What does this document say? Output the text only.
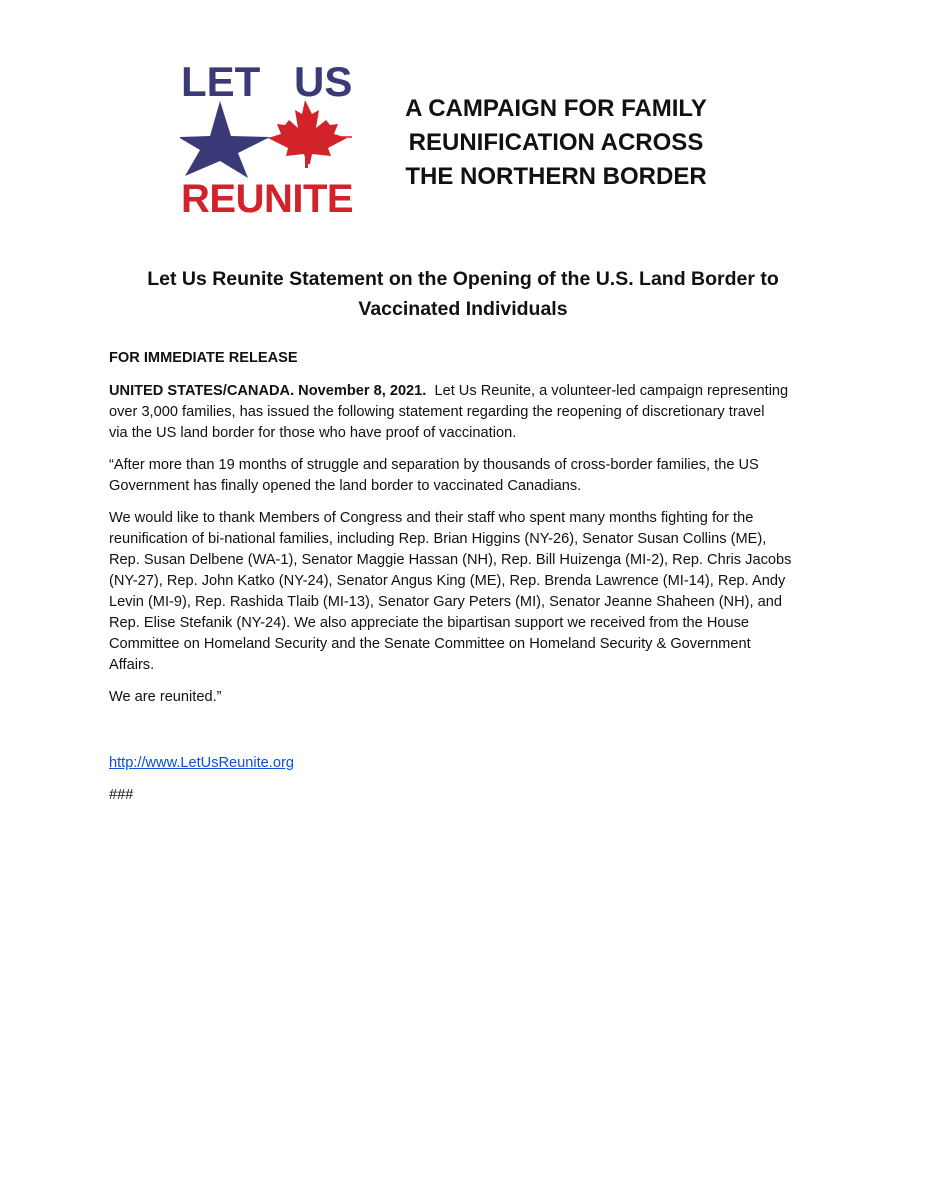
LET US
REUNITE
A CAMPAIGN FOR FAMILY
REUNIFICATION ACROSS
THE NORTHERN BORDER
Let Us Reunite Statement on the Opening of the U.S. Land Border to
Vaccinated Individuals
FOR IMMEDIATE RELEASE
UNITED STATES/CANADA. November 8, 2021.  Let Us Reunite, a volunteer-led campaign representing
over 3,000 families, has issued the following statement regarding the reopening of discretionary travel
via the US land border for those who have proof of vaccination.
“After more than 19 months of struggle and separation by thousands of cross-border families, the US
Government has finally opened the land border to vaccinated Canadians.
We would like to thank Members of Congress and their staff who spent many months fighting for the
reunification of bi-national families, including Rep. Brian Higgins (NY-26), Senator Susan Collins (ME),
Rep. Susan Delbene (WA-1), Senator Maggie Hassan (NH), Rep. Bill Huizenga (MI-2), Rep. Chris Jacobs
(NY-27), Rep. John Katko (NY-24), Senator Angus King (ME), Rep. Brenda Lawrence (MI-14), Rep. Andy
Levin (MI-9), Rep. Rashida Tlaib (MI-13), Senator Gary Peters (MI), Senator Jeanne Shaheen (NH), and
Rep. Elise Stefanik (NY-24). We also appreciate the bipartisan support we received from the House
Committee on Homeland Security and the Senate Committee on Homeland Security & Government
Affairs.
We are reunited.”
http://www.LetUsReunite.org
###
